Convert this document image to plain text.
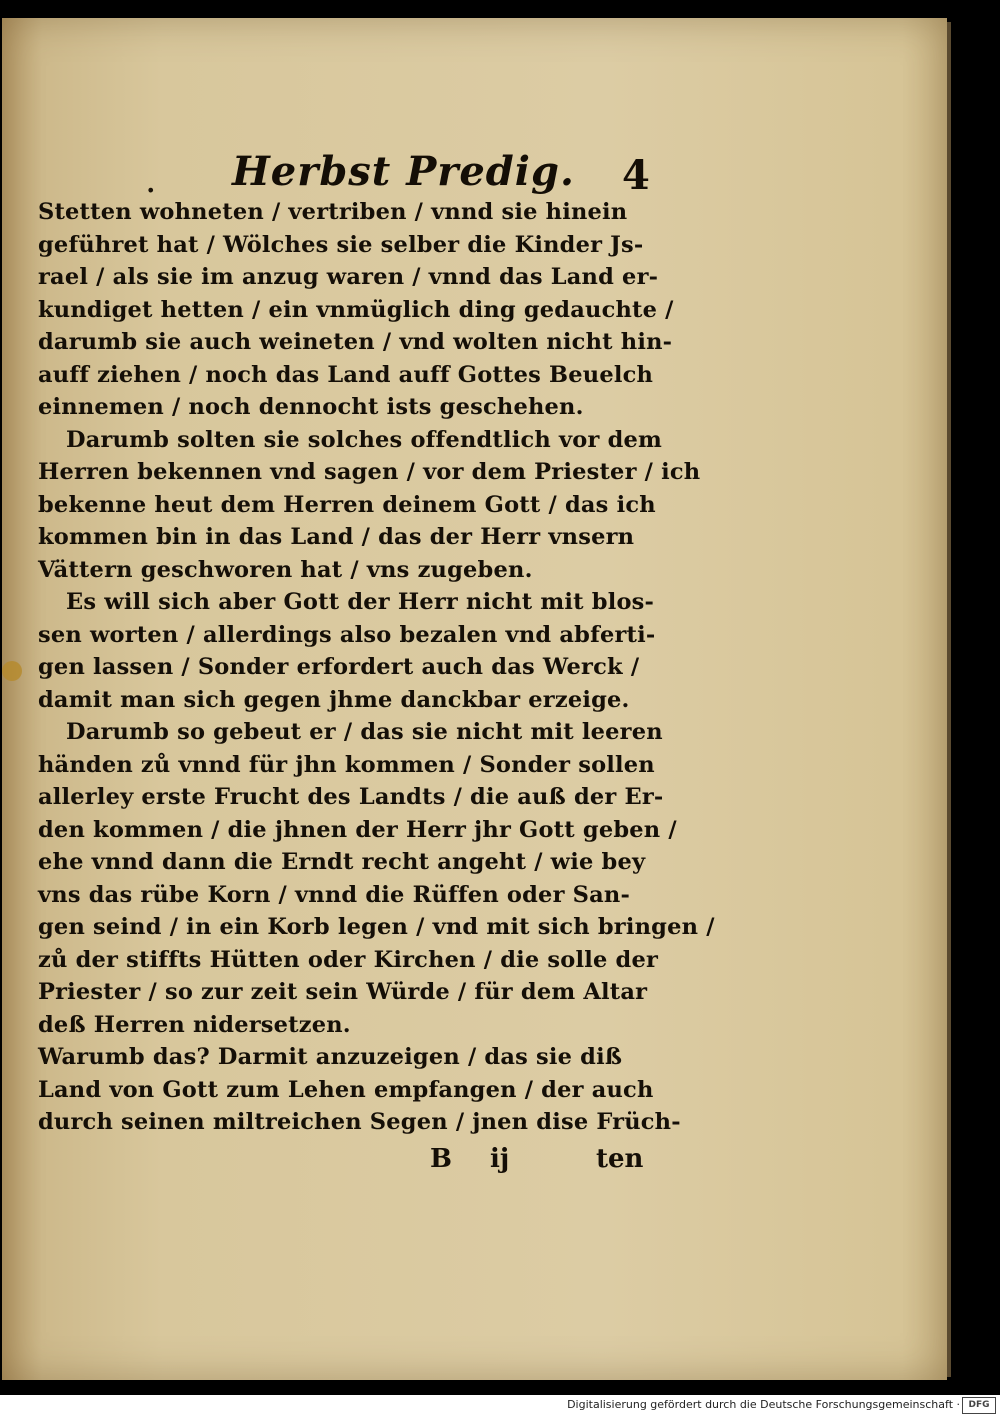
. Herbst Predig. 4
Stetten wohneten / vertriben / vnnd sie hinein
geführet hat / Wölches sie selber die Kinder Js-
rael / als sie im anzug waren / vnnd das Land er-
kundiget hetten / ein vnmüglich ding gedauchte /
darumb sie auch weineten / vnd wolten nicht hin-
auff ziehen / noch das Land auff Gottes Beuelch
einnemen / noch dennocht ists geschehen.
Darumb solten sie solches offendtlich vor dem
Herren bekennen vnd sagen / vor dem Priester / ich
bekenne heut dem Herren deinem Gott / das ich
kommen bin in das Land / das der Herr vnsern
Vättern geschworen hat / vns zugeben.
Es will sich aber Gott der Herr nicht mit blos-
sen worten / allerdings also bezalen vnd abferti-
gen lassen / Sonder erfordert auch das Werck /
damit man sich gegen jhme danckbar erzeige.
Darumb so gebeut er / das sie nicht mit leeren
händen zů vnnd für jhn kommen / Sonder sollen
allerley erste Frucht des Landts / die auß der Er-
den kommen / die jhnen der Herr jhr Gott geben /
ehe vnnd dann die Erndt recht angeht / wie bey
vns das rübe Korn / vnnd die Rüffen oder San-
gen seind / in ein Korb legen / vnd mit sich bringen /
zů der stiffts Hütten oder Kirchen / die solle der
Priester / so zur zeit sein Würde / für dem Altar
deß Herren nidersetzen.
Warumb das? Darmit anzuzeigen / das sie diß
Land von Gott zum Lehen empfangen / der auch
durch seinen miltreichen Segen / jnen dise Früch-
B ij	ten
Digitalisierung gefördert durch die Deutsche Forschungsgemeinschaft · DFG
